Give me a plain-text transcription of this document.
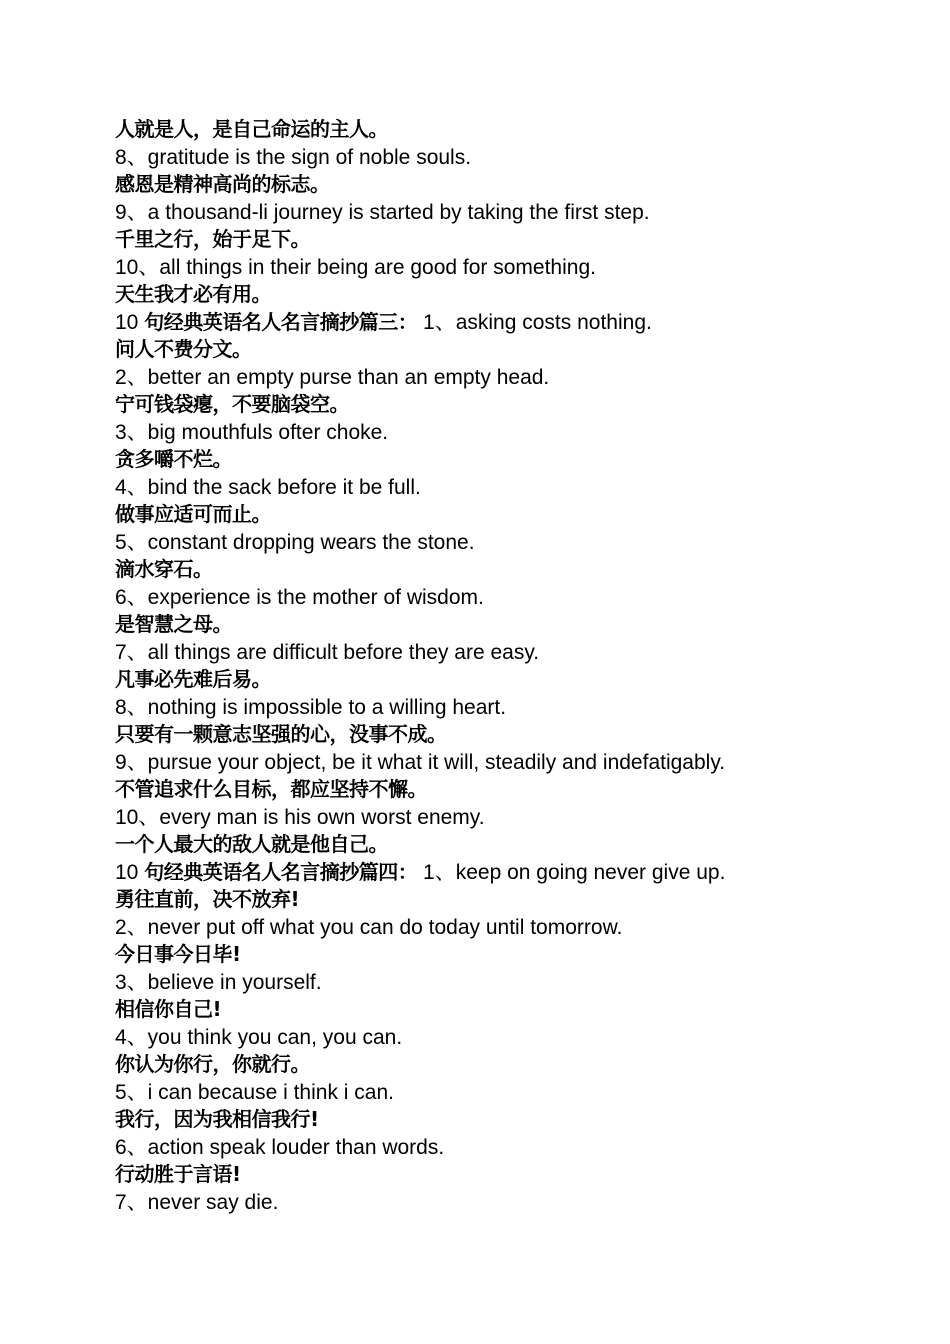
人就是人，是自己命运的主人。
8、gratitude is the sign of noble souls.
感恩是精神高尚的标志。
9、a thousand-li journey is started by taking the first step.
千里之行，始于足下。
10、all things in their being are good for something.
天生我才必有用。
10 句经典英语名人名言摘抄篇三： 1、asking costs nothing.
问人不费分文。
2、better an empty purse than an empty head.
宁可钱袋瘪，不要脑袋空。
3、big mouthfuls ofter choke.
贪多嚼不烂。
4、bind the sack before it be full.
做事应适可而止。
5、constant dropping wears the stone.
滴水穿石。
6、experience is the mother of wisdom.
是智慧之母。
7、all things are difficult before they are easy.
凡事必先难后易。
8、nothing is impossible to a willing heart.
只要有一颗意志坚强的心，没事不成。
9、pursue your object, be it what it will, steadily and indefatigably.
不管追求什么目标，都应坚持不懈。
10、every man is his own worst enemy.
一个人最大的敌人就是他自己。
10 句经典英语名人名言摘抄篇四： 1、keep on going never give up.
勇往直前，决不放弃!
2、never put off what you can do today until tomorrow.
今日事今日毕!
3、believe in yourself.
相信你自己!
4、you think you can, you can.
你认为你行，你就行。
5、i can because i think i can.
我行，因为我相信我行!
6、action speak louder than words.
行动胜于言语!
7、never say die.
